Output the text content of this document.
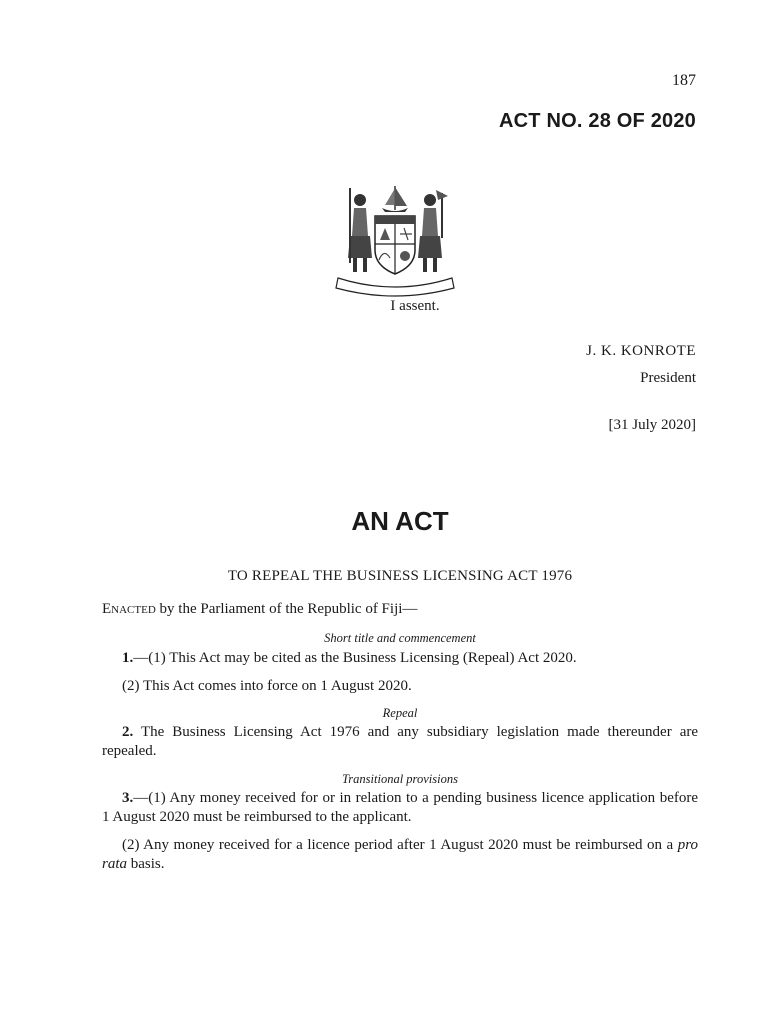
187
ACT NO. 28 OF 2020
I assent.
J. K. KONROTE
President
[31 July 2020]
AN ACT
TO REPEAL THE BUSINESS LICENSING ACT 1976
Enacted by the Parliament of the Republic of Fiji—
Short title and commencement
1.—(1) This Act may be cited as the Business Licensing (Repeal) Act 2020.
(2) This Act comes into force on 1 August 2020.
Repeal
2. The Business Licensing Act 1976 and any subsidiary legislation made thereunder are repealed.
Transitional provisions
3.—(1) Any money received for or in relation to a pending business licence application before 1 August 2020 must be reimbursed to the applicant.
(2) Any money received for a licence period after 1 August 2020 must be reimbursed on a pro rata basis.
